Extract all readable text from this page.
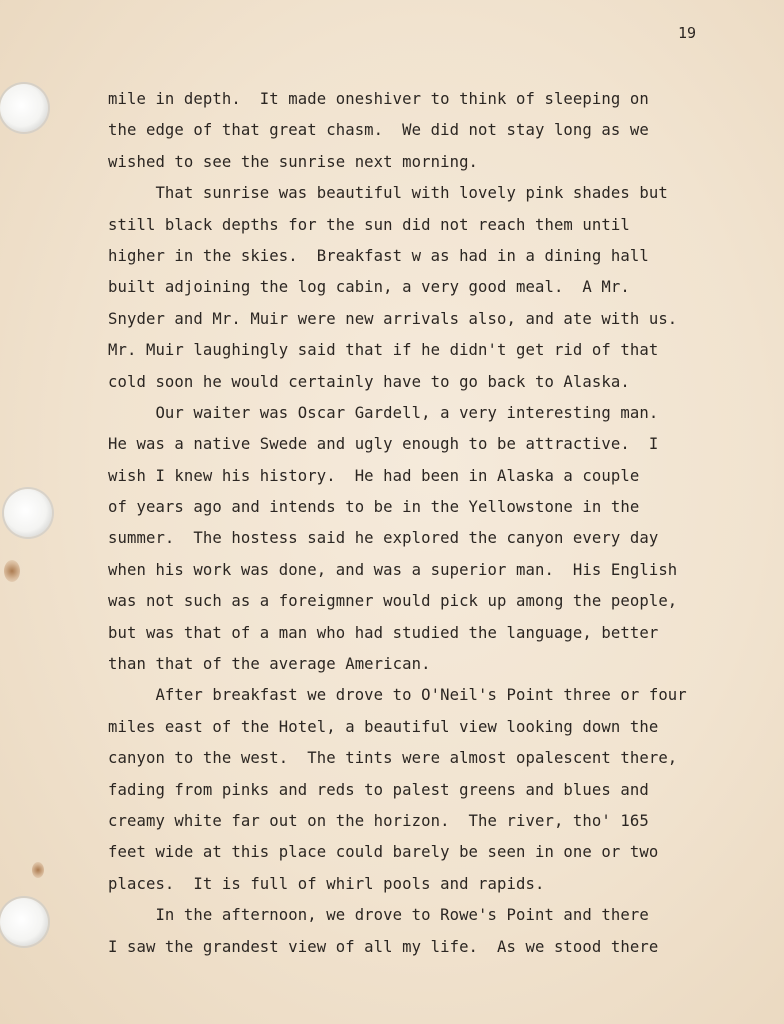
19
mile in depth.  It made oneshiver to think of sleeping on
the edge of that great chasm.  We did not stay long as we
wished to see the sunrise next morning.
That sunrise was beautiful with lovely pink shades but
still black depths for the sun did not reach them until
higher in the skies.  Breakfast w as had in a dining hall
built adjoining the log cabin, a very good meal.  A Mr.
Snyder and Mr. Muir were new arrivals also, and ate with us.
Mr. Muir laughingly said that if he didn't get rid of that
cold soon he would certainly have to go back to Alaska.
Our waiter was Oscar Gardell, a very interesting man.
He was a native Swede and ugly enough to be attractive.  I
wish I knew his history.  He had been in Alaska a couple
of years ago and intends to be in the Yellowstone in the
summer.  The hostess said he explored the canyon every day
when his work was done, and was a superior man.  His English
was not such as a foreigmner would pick up among the people,
but was that of a man who had studied the language, better
than that of the average American.
After breakfast we drove to O'Neil's Point three or four
miles east of the Hotel, a beautiful view looking down the
canyon to the west.  The tints were almost opalescent there,
fading from pinks and reds to palest greens and blues and
creamy white far out on the horizon.  The river, tho' 165
feet wide at this place could barely be seen in one or two
places.  It is full of whirl pools and rapids.
In the afternoon, we drove to Rowe's Point and there
I saw the grandest view of all my life.  As we stood there
